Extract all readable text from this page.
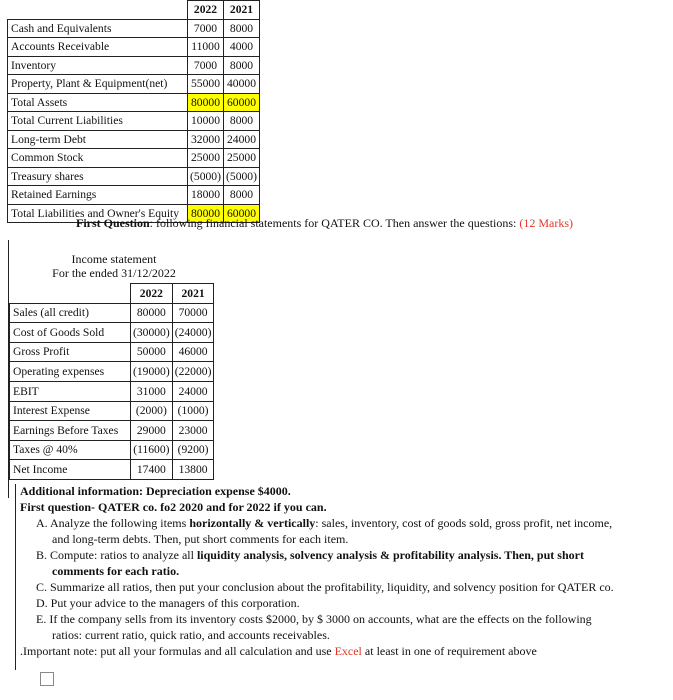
	2022	2021
Cash and Equivalents	7000	8000
Accounts Receivable	11000	4000
Inventory	7000	8000
Property, Plant & Equipment(net)	55000	40000
Total Assets	80000	60000
Total Current Liabilities	10000	8000
Long-term Debt	32000	24000
Common Stock	25000	25000
Treasury shares	(5000)	(5000)
Retained Earnings	18000	8000
Total Liabilities and Owner's Equity	80000	60000
First Question: following financial statements for QATER CO. Then answer the questions: (12 Marks)
Income statement
For the ended 31/12/2022
	2022	2021
Sales (all credit)	80000	70000
Cost of Goods Sold	(30000)	(24000)
Gross Profit	50000	46000
Operating expenses	(19000)	(22000)
EBIT	31000	24000
Interest Expense	(2000)	(1000)
Earnings Before Taxes	29000	23000
Taxes @ 40%	(11600)	(9200)
Net Income	17400	13800
Additional information: Depreciation expense $4000.
First question- QATER co. fo2 2020 and for 2022 if you can.
A. Analyze the following items horizontally & vertically: sales, inventory, cost of goods sold, gross profit, net income, and long-term debts. Then, put short comments for each item.
B. Compute: ratios to analyze all liquidity analysis, solvency analysis & profitability analysis. Then, put short comments for each ratio.
C. Summarize all ratios, then put your conclusion about the profitability, liquidity, and solvency position for QATER co.
D. Put your advice to the managers of this corporation.
E. If the company sells from its inventory costs $2000, by $ 3000 on accounts, what are the effects on the following ratios: current ratio, quick ratio, and accounts receivables.
.Important note: put all your formulas and all calculation and use Excel at least in one of requirement above
